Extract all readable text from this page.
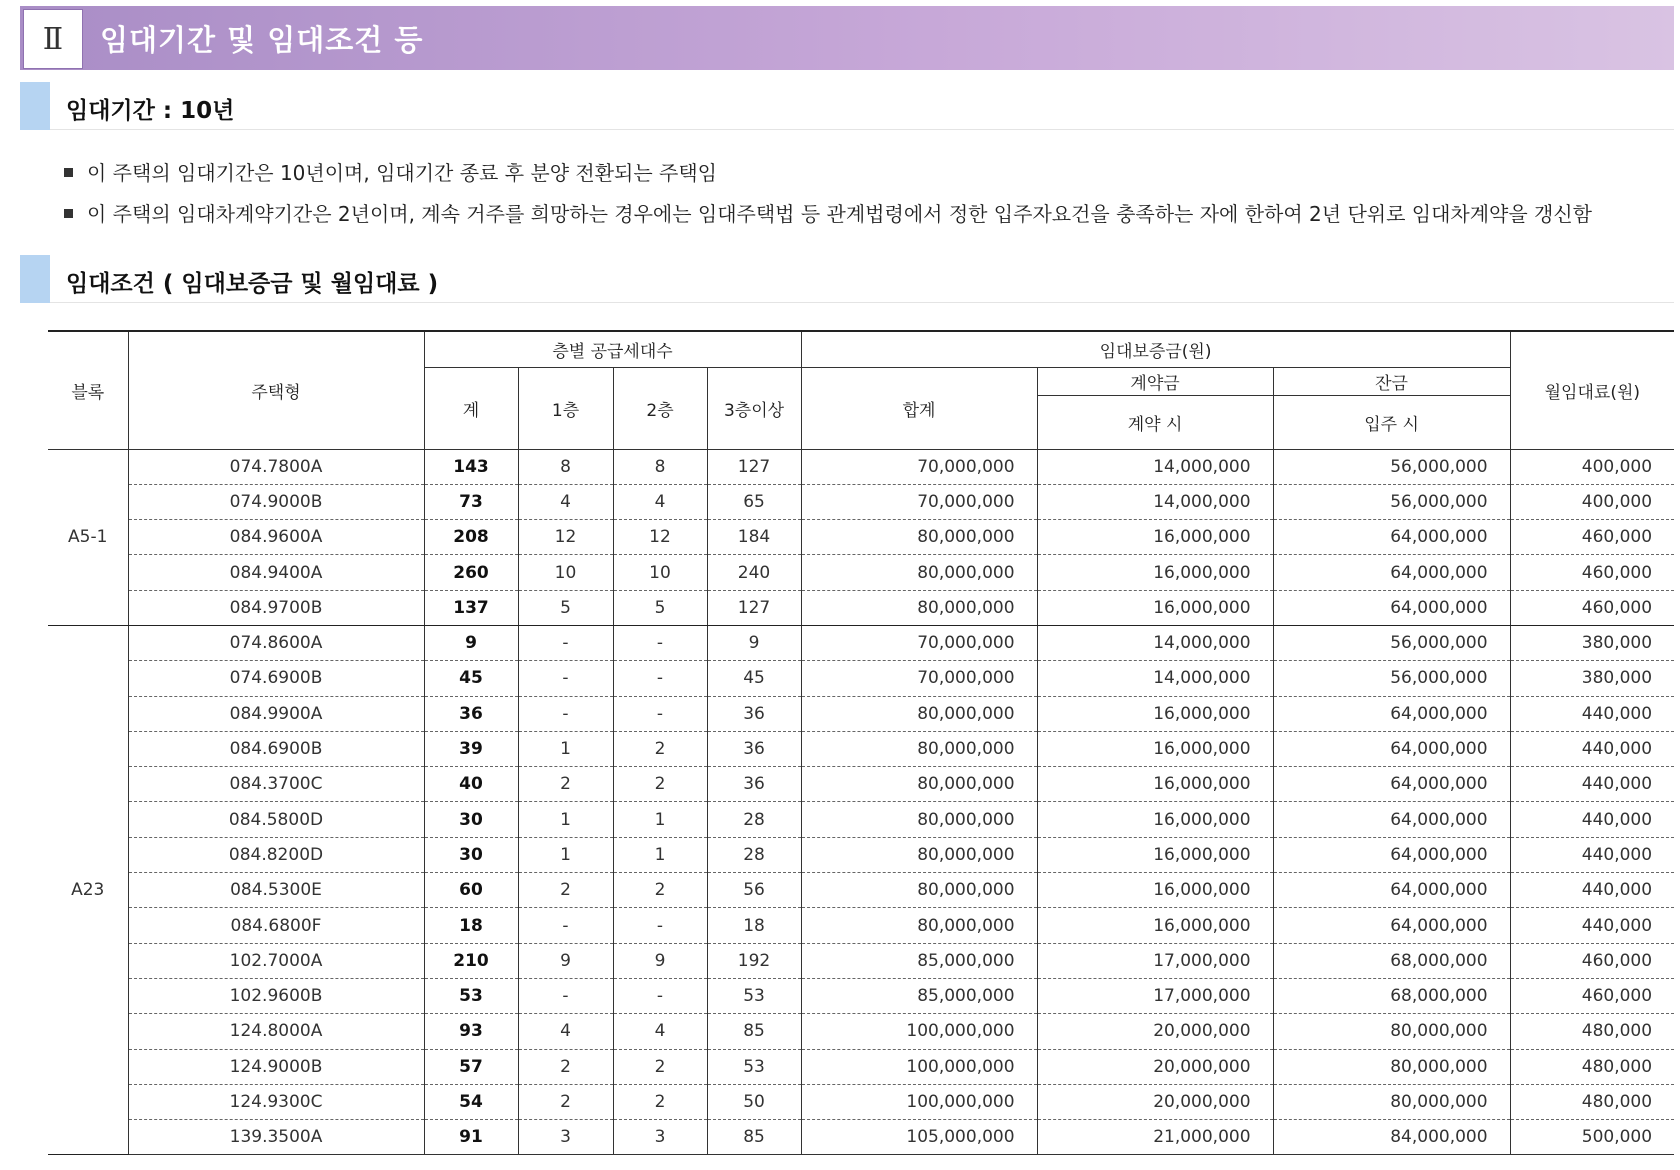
Ⅱ	임대기간 및 임대조건 등
임대기간 : 10년
이 주택의 임대기간은 10년이며, 임대기간 종료 후 분양 전환되는 주택임
이 주택의 임대차계약기간은 2년이며, 계속 거주를 희망하는 경우에는 임대주택법 등 관계법령에서 정한 입주자요건을 충족하는 자에 한하여 2년 단위로 임대차계약을 갱신함
임대조건 ( 임대보증금 및 월임대료 )
블록	주택형	층별 공급세대수				임대보증금(원)			월임대료(원)
		계	1층	2층	3층이상	합계	계약금	잔금	
							계약 시	입주 시	
A5-1	074.7800A	143	8	8	127	70,000,000	14,000,000	56,000,000	400,000
	074.9000B	73	4	4	65	70,000,000	14,000,000	56,000,000	400,000
	084.9600A	208	12	12	184	80,000,000	16,000,000	64,000,000	460,000
	084.9400A	260	10	10	240	80,000,000	16,000,000	64,000,000	460,000
	084.9700B	137	5	5	127	80,000,000	16,000,000	64,000,000	460,000
A23	074.8600A	9	-	-	9	70,000,000	14,000,000	56,000,000	380,000
	074.6900B	45	-	-	45	70,000,000	14,000,000	56,000,000	380,000
	084.9900A	36	-	-	36	80,000,000	16,000,000	64,000,000	440,000
	084.6900B	39	1	2	36	80,000,000	16,000,000	64,000,000	440,000
	084.3700C	40	2	2	36	80,000,000	16,000,000	64,000,000	440,000
	084.5800D	30	1	1	28	80,000,000	16,000,000	64,000,000	440,000
	084.8200D	30	1	1	28	80,000,000	16,000,000	64,000,000	440,000
	084.5300E	60	2	2	56	80,000,000	16,000,000	64,000,000	440,000
	084.6800F	18	-	-	18	80,000,000	16,000,000	64,000,000	440,000
	102.7000A	210	9	9	192	85,000,000	17,000,000	68,000,000	460,000
	102.9600B	53	-	-	53	85,000,000	17,000,000	68,000,000	460,000
	124.8000A	93	4	4	85	100,000,000	20,000,000	80,000,000	480,000
	124.9000B	57	2	2	53	100,000,000	20,000,000	80,000,000	480,000
	124.9300C	54	2	2	50	100,000,000	20,000,000	80,000,000	480,000
	139.3500A	91	3	3	85	105,000,000	21,000,000	84,000,000	500,000
